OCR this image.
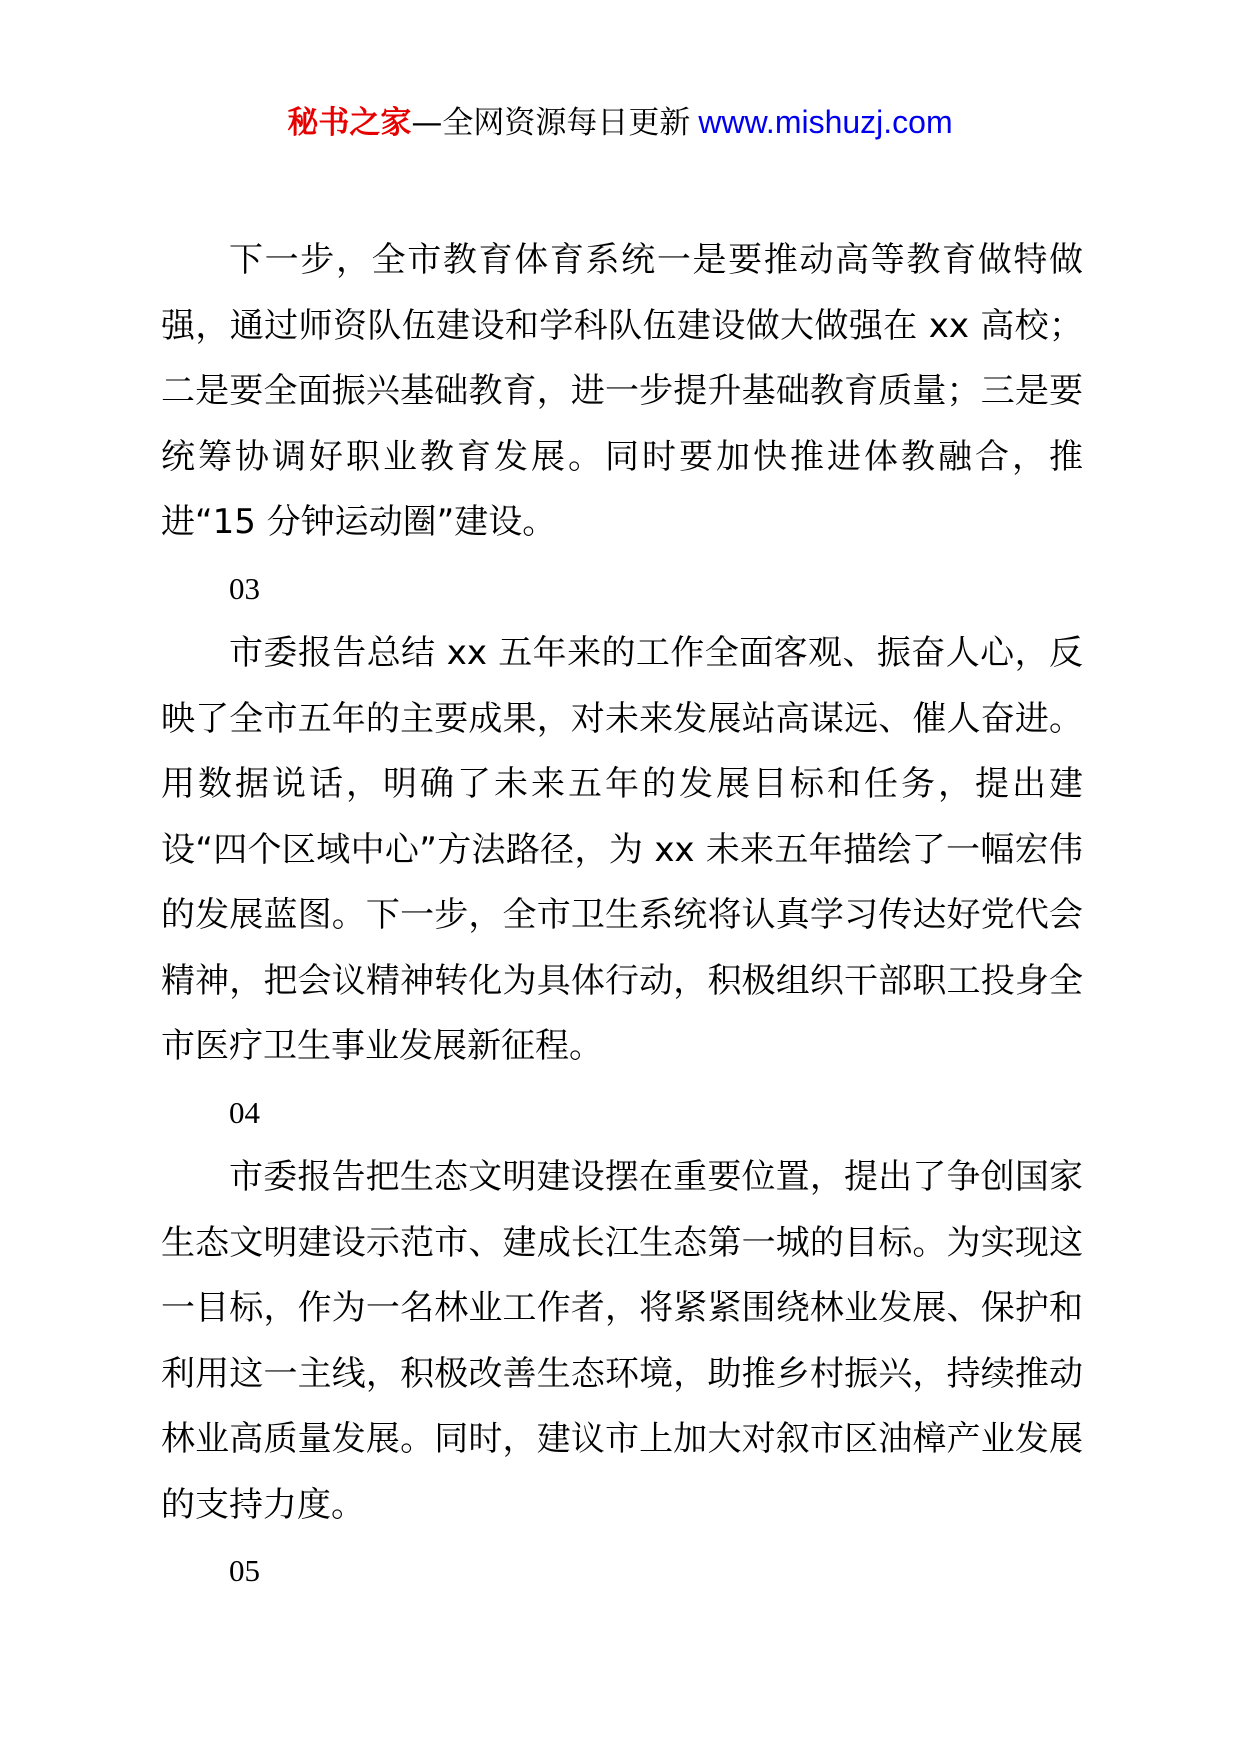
秘书之家—全网资源每日更新 www.mishuzj.com

下一步，全市教育体育系统一是要推动高等教育做特做强，通过师资队伍建设和学科队伍建设做大做强在 xx 高校；二是要全面振兴基础教育，进一步提升基础教育质量；三是要统筹协调好职业教育发展。同时要加快推进体教融合，推进“15 分钟运动圈”建设。

03

市委报告总结 xx 五年来的工作全面客观、振奋人心，反映了全市五年的主要成果，对未来发展站高谋远、催人奋进。用数据说话，明确了未来五年的发展目标和任务，提出建设“四个区域中心”方法路径，为 xx 未来五年描绘了一幅宏伟的发展蓝图。下一步，全市卫生系统将认真学习传达好党代会精神，把会议精神转化为具体行动，积极组织干部职工投身全市医疗卫生事业发展新征程。

04

市委报告把生态文明建设摆在重要位置，提出了争创国家生态文明建设示范市、建成长江生态第一城的目标。为实现这一目标，作为一名林业工作者，将紧紧围绕林业发展、保护和利用这一主线，积极改善生态环境，助推乡村振兴，持续推动林业高质量发展。同时，建议市上加大对叙市区油樟产业发展的支持力度。

05
